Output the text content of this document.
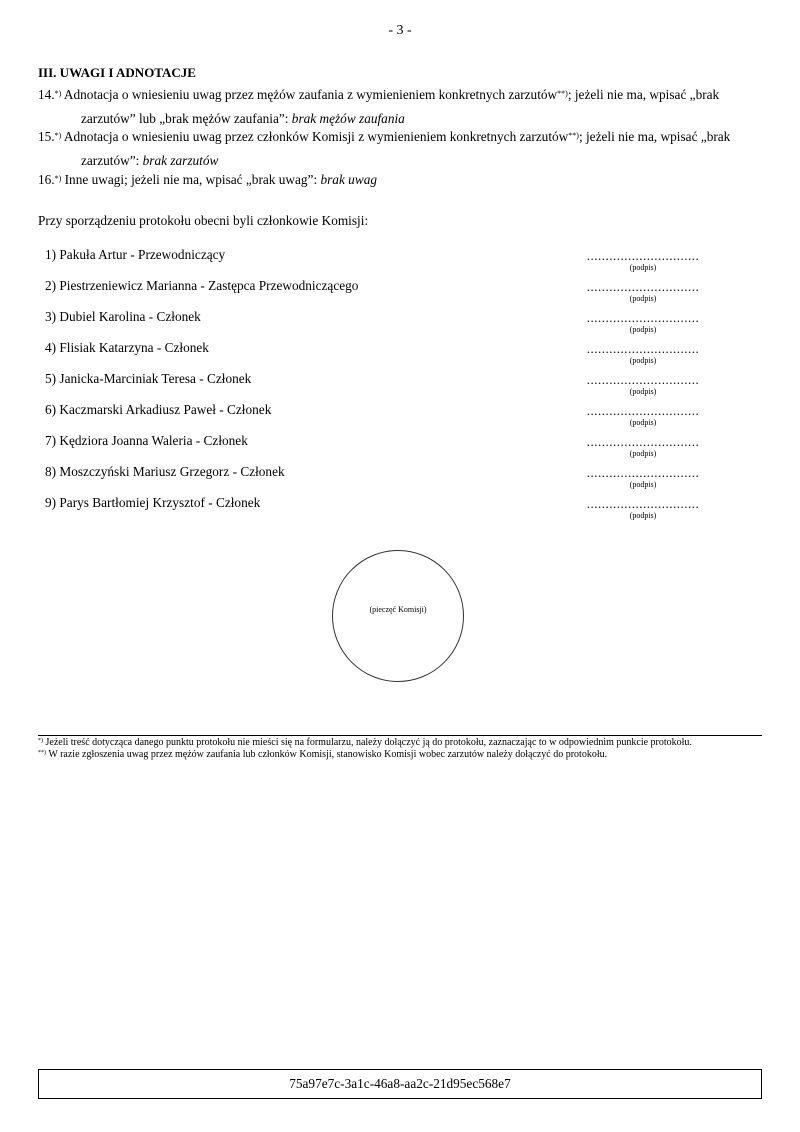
- 3 -
III. UWAGI I ADNOTACJE
14.*) Adnotacja o wniesieniu uwag przez mężów zaufania z wymienieniem konkretnych zarzutów**); jeżeli nie ma, wpisać „brak
zarzutów” lub „brak mężów zaufania”: brak mężów zaufania
15.*) Adnotacja o wniesieniu uwag przez członków Komisji z wymienieniem konkretnych zarzutów**); jeżeli nie ma, wpisać „brak
zarzutów”: brak zarzutów
16.*) Inne uwagi; jeżeli nie ma, wpisać „brak uwag”: brak uwag
Przy sporządzeniu protokołu obecni byli członkowie Komisji:
1) Pakuła Artur - Przewodniczący	..............................
(podpis)
2) Piestrzeniewicz Marianna - Zastępca Przewodniczącego	..............................
(podpis)
3) Dubiel Karolina - Członek	..............................
(podpis)
4) Flisiak Katarzyna - Członek	..............................
(podpis)
5) Janicka-Marciniak Teresa - Członek	..............................
(podpis)
6) Kaczmarski Arkadiusz Paweł - Członek	..............................
(podpis)
7) Kędziora Joanna Waleria - Członek	..............................
(podpis)
8) Moszczyński Mariusz Grzegorz - Członek	..............................
(podpis)
9) Parys Bartłomiej Krzysztof - Członek	..............................
(podpis)
(pieczęć Komisji)
*) Jeżeli treść dotycząca danego punktu protokołu nie mieści się na formularzu, należy dołączyć ją do protokołu, zaznaczając to w odpowiednim punkcie protokołu.
**) W razie zgłoszenia uwag przez mężów zaufania lub członków Komisji, stanowisko Komisji wobec zarzutów należy dołączyć do protokołu.
75a97e7c-3a1c-46a8-aa2c-21d95ec568e7
